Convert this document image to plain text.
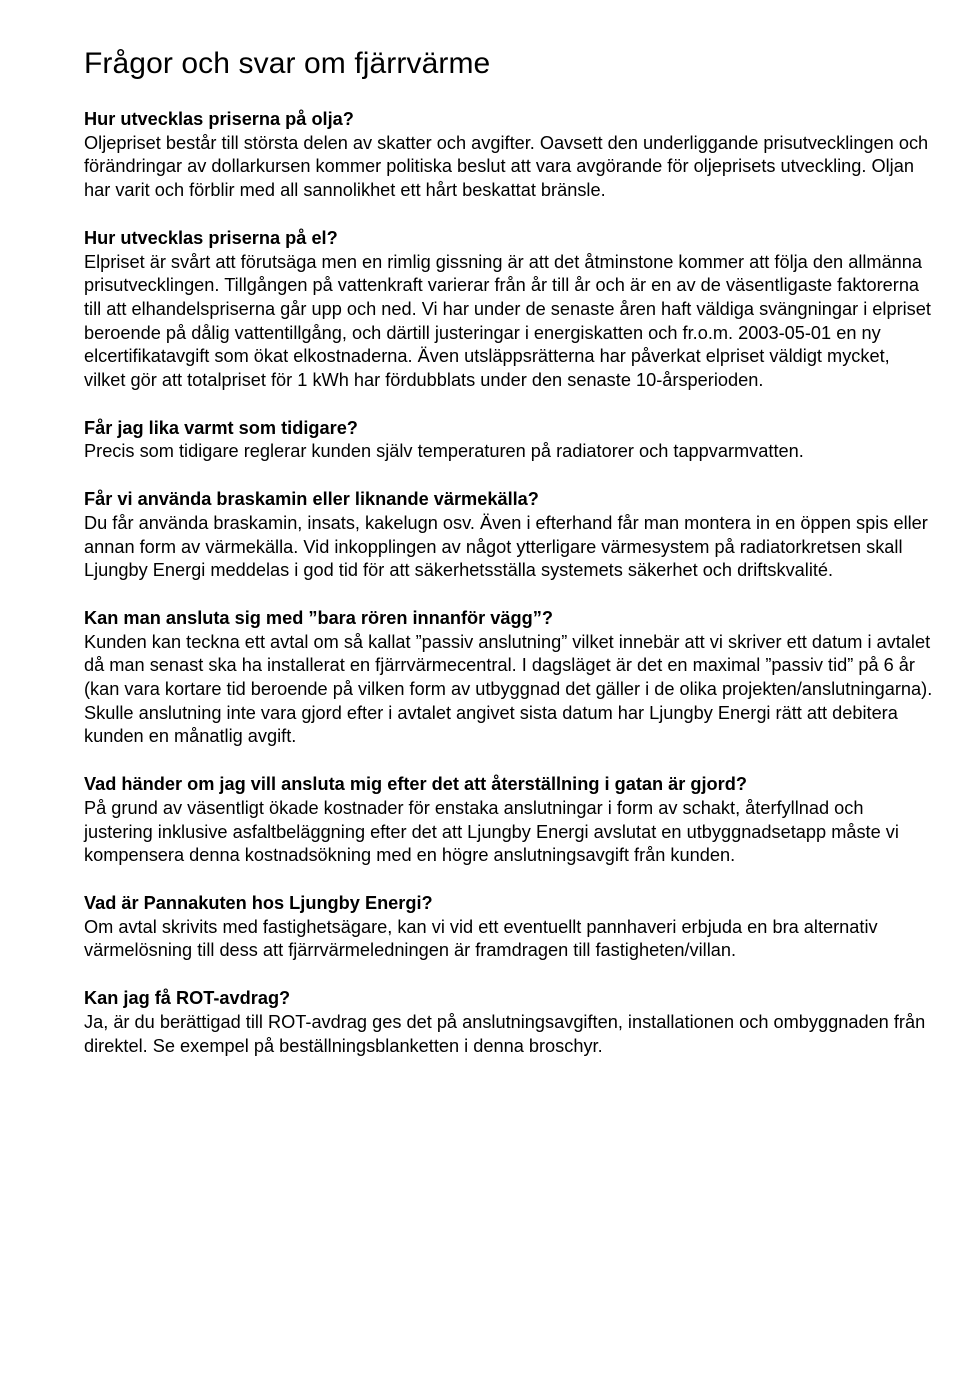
Frågor och svar om fjärrvärme

Hur utvecklas priserna på olja?

Oljepriset består till största delen av skatter och avgifter. Oavsett den underliggande prisutvecklingen och förändringar av dollarkursen kommer politiska beslut att vara avgörande för oljeprisets utveckling. Oljan har varit och förblir med all sannolikhet ett hårt beskattat bränsle.

Hur utvecklas priserna på el?

Elpriset är svårt att förutsäga men en rimlig gissning är att det åtminstone kommer att följa den allmänna prisutvecklingen. Tillgången på vattenkraft varierar från år till år och är en av de väsentligaste faktorerna till att elhandelspriserna går upp och ned. Vi har under de senaste åren haft väldiga svängningar i elpriset beroende på dålig vattentillgång, och därtill justeringar i energiskatten och fr.o.m. 2003-05-01 en ny elcertifikatavgift som ökat elkostnaderna. Även utsläppsrätterna har påverkat elpriset väldigt mycket, vilket gör att totalpriset för 1 kWh har fördubblats under den senaste 10-årsperioden.

Får jag lika varmt som tidigare?

Precis som tidigare reglerar kunden själv temperaturen på radiatorer och tappvarmvatten.

Får vi använda braskamin eller liknande värmekälla?

Du får använda braskamin, insats, kakelugn osv. Även i efterhand får man montera in en öppen spis eller annan form av värmekälla. Vid inkopplingen av något ytterligare värmesystem på radiatorkretsen skall Ljungby Energi meddelas i god tid för att säkerhetsställa systemets säkerhet och driftskvalité.

Kan man ansluta sig med ”bara rören innanför vägg”?

Kunden kan teckna ett avtal om så kallat ”passiv anslutning” vilket innebär att vi skriver ett datum i avtalet då man senast ska ha installerat en fjärrvärmecentral. I dagsläget är det en maximal ”passiv tid” på 6 år (kan vara kortare tid beroende på vilken form av utbyggnad det gäller i de olika projekten/anslutningarna).

Skulle anslutning inte vara gjord efter i avtalet angivet sista datum har Ljungby Energi rätt att debitera kunden en månatlig avgift.

Vad händer om jag vill ansluta mig efter det att återställning i gatan är gjord?

På grund av väsentligt ökade kostnader för enstaka anslutningar i form av schakt, återfyllnad och justering inklusive asfaltbeläggning efter det att Ljungby Energi avslutat en utbyggnadsetapp måste vi kompensera denna kostnadsökning med en högre anslutningsavgift från kunden.

Vad är Pannakuten hos Ljungby Energi?

Om avtal skrivits med fastighetsägare, kan vi vid ett eventuellt pannhaveri erbjuda en bra alternativ värmelösning till dess att fjärrvärmeledningen är framdragen till fastigheten/villan.

Kan jag få ROT-avdrag?

Ja, är du berättigad till ROT-avdrag ges det på anslutningsavgiften, installationen och ombyggnaden från direktel. Se exempel på beställningsblanketten i denna broschyr.
